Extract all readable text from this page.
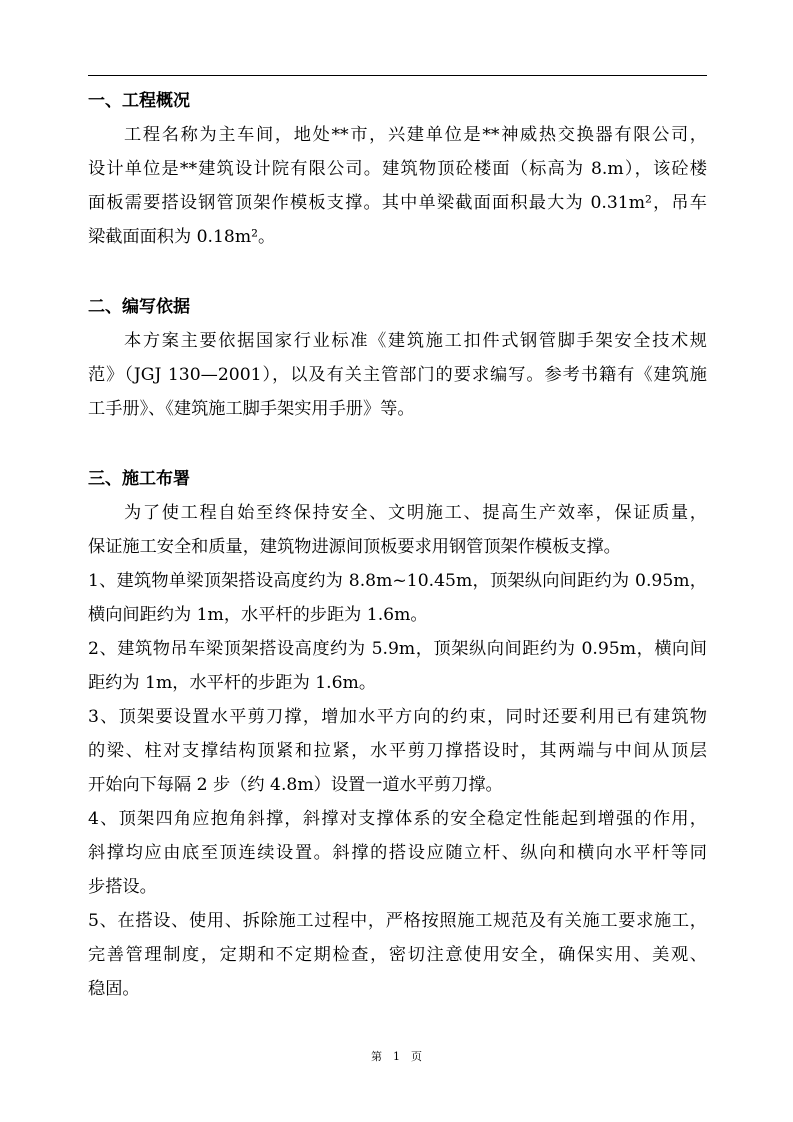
一、工程概况
工程名称为主车间，地处**市，兴建单位是**神威热交换器有限公司，
设计单位是**建筑设计院有限公司。建筑物顶砼楼面（标高为 8.m），该砼楼
面板需要搭设钢管顶架作模板支撑。其中单梁截面面积最大为 0.31m²，吊车
梁截面面积为 0.18m²。
二、编写依据
本方案主要依据国家行业标准《建筑施工扣件式钢管脚手架安全技术规
范》（JGJ 130—2001），以及有关主管部门的要求编写。参考书籍有《建筑施
工手册》、《建筑施工脚手架实用手册》等。
三、施工布署
为了使工程自始至终保持安全、文明施工、提高生产效率，保证质量，
保证施工安全和质量，建筑物进源间顶板要求用钢管顶架作模板支撑。
1、建筑物单梁顶架搭设高度约为 8.8m~10.45m，顶架纵向间距约为 0.95m，
横向间距约为 1m，水平杆的步距为 1.6m。
2、建筑物吊车梁顶架搭设高度约为 5.9m，顶架纵向间距约为 0.95m，横向间
距约为 1m，水平杆的步距为 1.6m。
3、顶架要设置水平剪刀撑，增加水平方向的约束，同时还要利用已有建筑物
的梁、柱对支撑结构顶紧和拉紧，水平剪刀撑搭设时，其两端与中间从顶层
开始向下每隔 2 步（约 4.8m）设置一道水平剪刀撑。
4、顶架四角应抱角斜撑，斜撑对支撑体系的安全稳定性能起到增强的作用，
斜撑均应由底至顶连续设置。斜撑的搭设应随立杆、纵向和横向水平杆等同
步搭设。
5、在搭设、使用、拆除施工过程中，严格按照施工规范及有关施工要求施工，
完善管理制度，定期和不定期检查，密切注意使用安全，确保实用、美观、
稳固。
第　1　页
